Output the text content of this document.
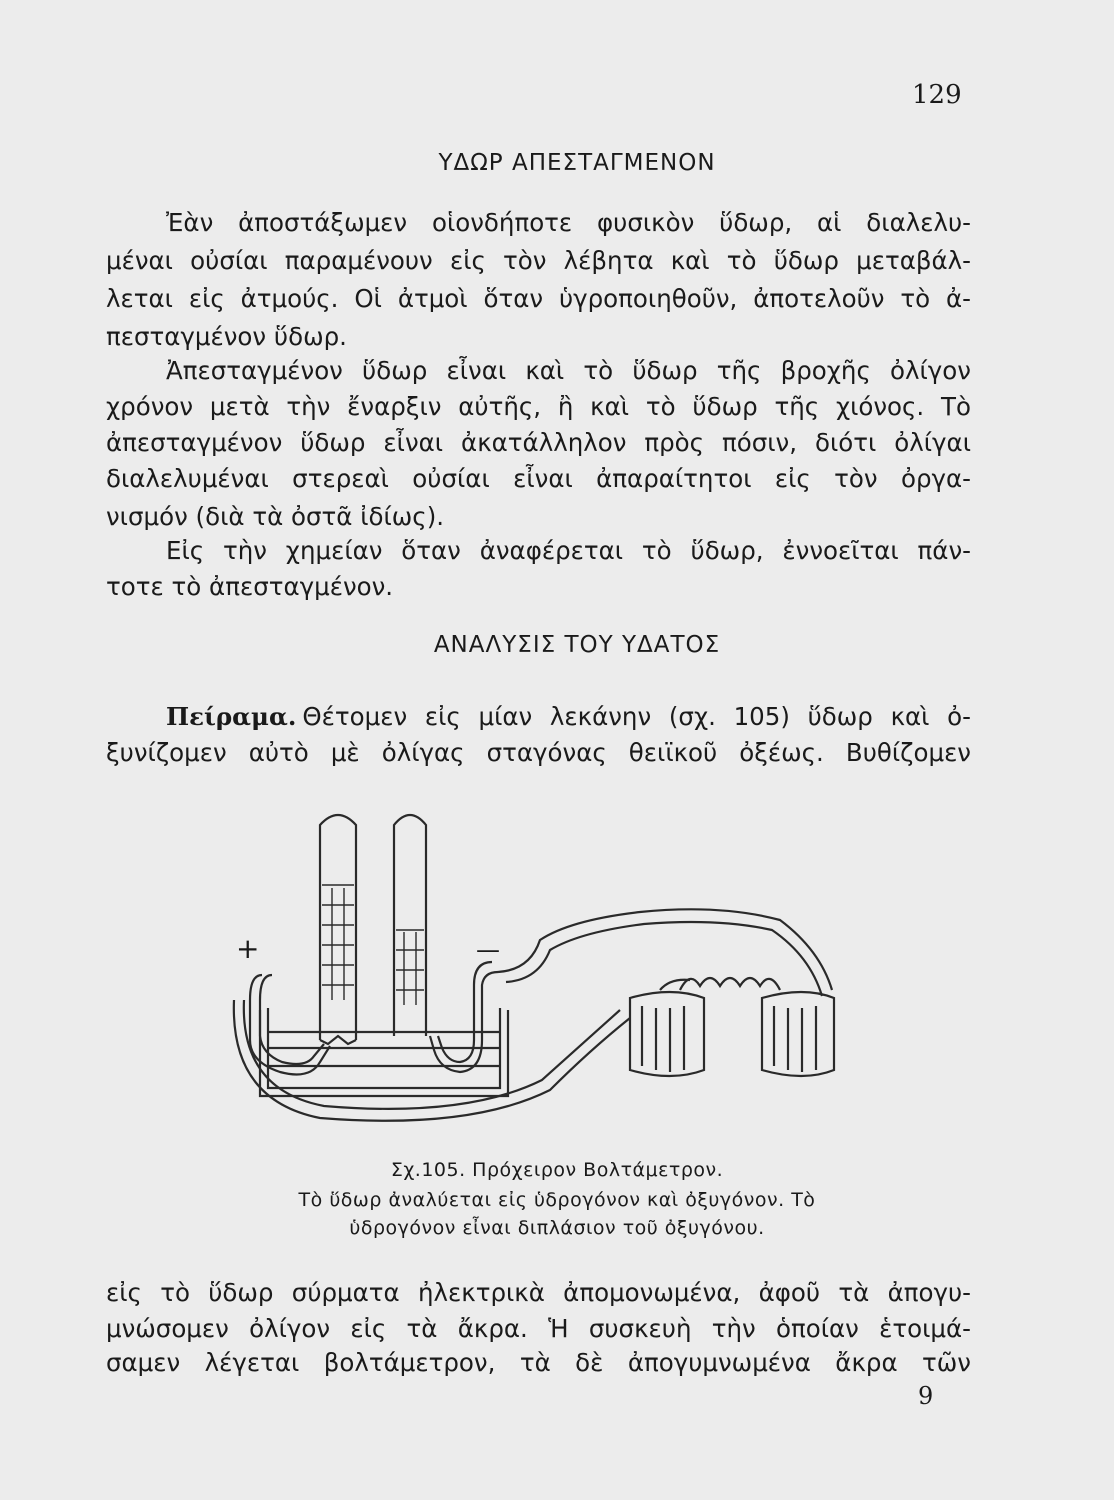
129
ΥΔΩΡ ΑΠΕΣΤΑΓΜΕΝΟΝ
Ἐὰν ἀποστάξωμεν οἱονδήποτε φυσικὸν ὕδωρ, αἱ διαλελυ-
μέναι οὐσίαι παραμένουν εἰς τὸν λέβητα καὶ τὸ ὕδωρ μεταβάλ-
λεται εἰς ἀτμούς. Οἱ ἀτμοὶ ὅταν ὑγροποιηθοῦν, ἀποτελοῦν τὸ ἀ-
πεσταγμένον ὕδωρ.
Ἀπεσταγμένον ὕδωρ εἶναι καὶ τὸ ὕδωρ τῆς βροχῆς ὀλίγον
χρόνον μετὰ τὴν ἔναρξιν αὐτῆς, ἢ καὶ τὸ ὕδωρ τῆς χιόνος. Τὸ
ἀπεσταγμένον ὕδωρ εἶναι ἀκατάλληλον πρὸς πόσιν, διότι ὀλίγαι
διαλελυμέναι στερεαὶ οὐσίαι εἶναι ἀπαραίτητοι εἰς τὸν ὀργα-
νισμόν (διὰ τὰ ὀστᾶ ἰδίως).
Εἰς τὴν χημείαν ὅταν ἀναφέρεται τὸ ὕδωρ, ἐννοεῖται πάν-
τοτε τὸ ἀπεσταγμένον.
ΑΝΑΛΥΣΙΣ ΤΟΥ ΥΔΑΤΟΣ
Πείραμα. Θέτομεν εἰς μίαν λεκάνην (σχ. 105) ὕδωρ καὶ ὀ-
ξυνίζομεν αὐτὸ μὲ ὀλίγας σταγόνας θειϊκοῦ ὀξέως. Βυθίζομεν
+	—
Σχ.105. Πρόχειρον Βολτάμετρον.
Τὸ ὕδωρ ἀναλύεται εἰς ὑδρογόνον καὶ ὀξυγόνον. Τὸ
ὑδρογόνον εἶναι διπλάσιον τοῦ ὀξυγόνου.
εἰς τὸ ὕδωρ σύρματα ἠλεκτρικὰ ἀπομονωμένα, ἀφοῦ τὰ ἀπογυ-
μνώσομεν ὀλίγον εἰς τὰ ἄκρα. Ἡ συσκευὴ τὴν ὁποίαν ἑτοιμά-
σαμεν λέγεται βολτάμετρον, τὰ δὲ ἀπογυμνωμένα ἄκρα τῶν
9
